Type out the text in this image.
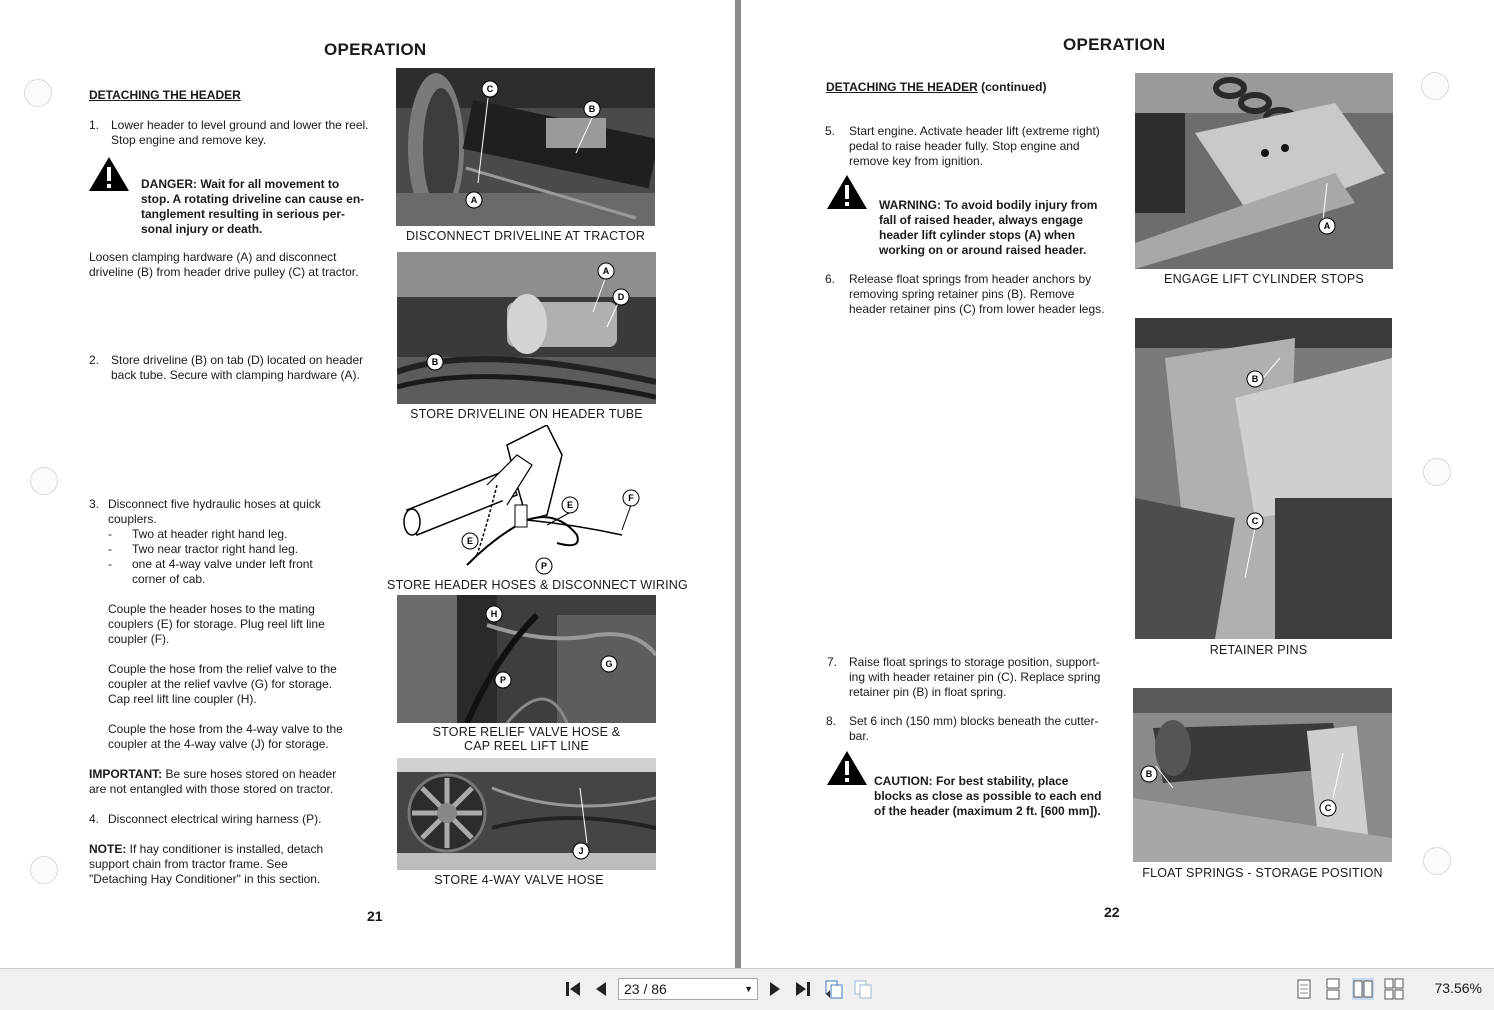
OPERATION
DETACHING THE HEADER
1. Lower header to level ground and lower the reel.
Stop engine and remove key.
DANGER: Wait for all movement to
stop. A rotating driveline can cause en-
tanglement resulting in serious per-
sonal injury or death.
Loosen clamping hardware (A) and disconnect
driveline (B) from header drive pulley (C) at tractor.
2. Store driveline (B) on tab (D) located on header
back tube. Secure with clamping hardware (A).
3. Disconnect five hydraulic hoses at quick
couplers.
- Two at header right hand leg.
- Two near tractor right hand leg.
- one at 4-way valve under left front
corner of cab.
Couple the header hoses to the mating
couplers (E) for storage. Plug reel lift line
coupler (F).
Couple the hose from the relief valve to the
coupler at the relief vavlve (G) for storage.
Cap reel lift line coupler (H).
Couple the hose from the 4-way valve to the
coupler at the 4-way valve (J) for storage.
IMPORTANT: Be sure hoses stored on header
are not entangled with those stored on tractor.
4. Disconnect electrical wiring harness (P).
NOTE: If hay conditioner is installed, detach
support chain from tractor frame. See
"Detaching Hay Conditioner" in this section.
C
B
A
DISCONNECT DRIVELINE AT TRACTOR
A
D
B
STORE DRIVELINE ON HEADER TUBE
E
F
E
P
STORE HEADER HOSES & DISCONNECT WIRING
H
G
P
STORE RELIEF VALVE HOSE &
CAP REEL LIFT LINE
J
STORE 4-WAY VALVE HOSE
21
OPERATION
DETACHING THE HEADER (continued)
5. Start engine. Activate header lift (extreme right)
pedal to raise header fully. Stop engine and
remove key from ignition.
WARNING: To avoid bodily injury from
fall of raised header, always engage
header lift cylinder stops (A) when
working on or around raised header.
6. Release float springs from header anchors by
removing spring retainer pins (B). Remove
header retainer pins (C) from lower header legs.
7. Raise float springs to storage position, support-
ing with header retainer pin (C). Replace spring
retainer pin (B) in float spring.
8. Set 6 inch (150 mm) blocks beneath the cutter-
bar.
CAUTION: For best stability, place
blocks as close as possible to each end
of the header (maximum 2 ft. [600 mm]).
A
ENGAGE LIFT CYLINDER STOPS
B
C
RETAINER PINS
B
C
FLOAT SPRINGS - STORAGE POSITION
22
23 / 86	▼	73.56%
